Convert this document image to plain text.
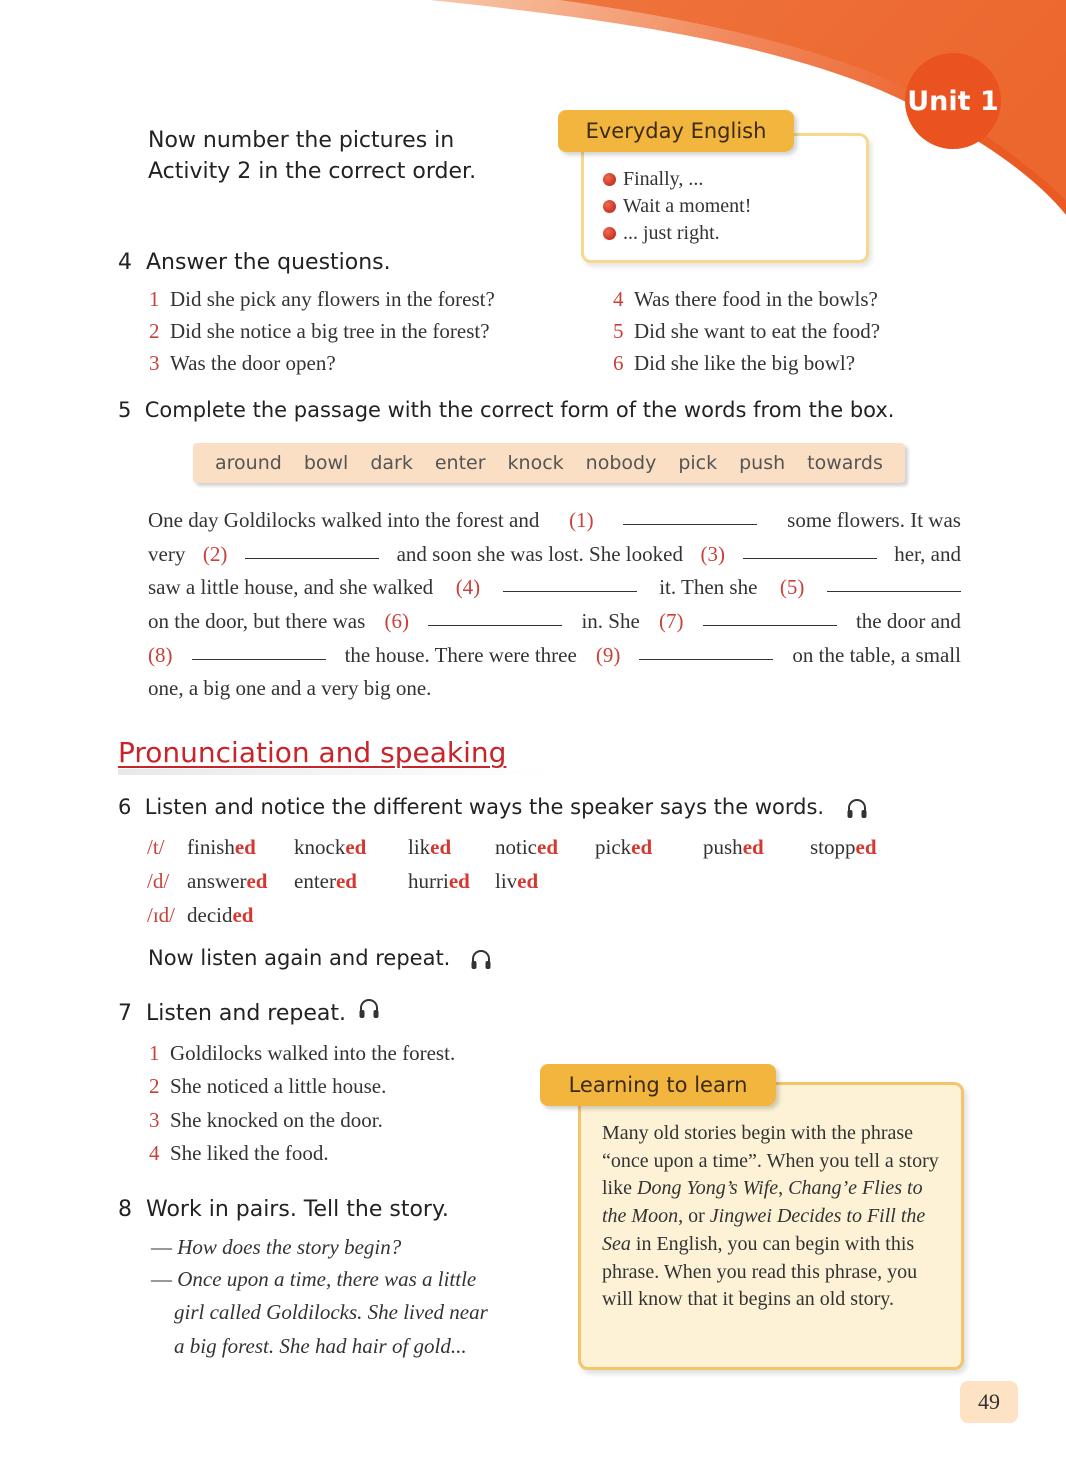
Unit 1
Now number the pictures in
Activity 2 in the correct order.
Everyday English
Finally, ...
Wait a moment!
... just right.
4 Answer the questions.
1 Did she pick any flowers in the forest?
2 Did she notice a big tree in the forest?
3 Was the door open?
4 Was there food in the bowls?
5 Did she want to eat the food?
6 Did she like the big bowl?
5 Complete the passage with the correct form of the words from the box.
around bowl dark enter knock nobody pick push towards
One day Goldilocks walked into the forest and (1)	some flowers. It was
very (2)	and soon she was lost. She looked (3)	her, and
saw a little house, and she walked (4)	it. Then she (5)
on the door, but there was (6)	in. She (7)	the door and
(8)	the house. There were three (9)	on the table, a small
one, a big one and a very big one.
Pronunciation and speaking
6 Listen and notice the different ways the speaker says the words.
/t/ finished knocked liked noticed picked pushed stopped
/d/ answered entered hurried lived
/ɪd/ decided
Now listen again and repeat.
7 Listen and repeat.
1 Goldilocks walked into the forest.
2 She noticed a little house.
3 She knocked on the door.
4 She liked the food.
Learning to learn
Many old stories begin with the phrase “once upon a time”. When you tell a story like Dong Yong’s Wife, Chang’e Flies to the Moon, or Jingwei Decides to Fill the Sea in English, you can begin with this phrase. When you read this phrase, you will know that it begins an old story.
8 Work in pairs. Tell the story.
— How does the story begin?
— Once upon a time, there was a little
girl called Goldilocks. She lived near
a big forest. She had hair of gold...
49
